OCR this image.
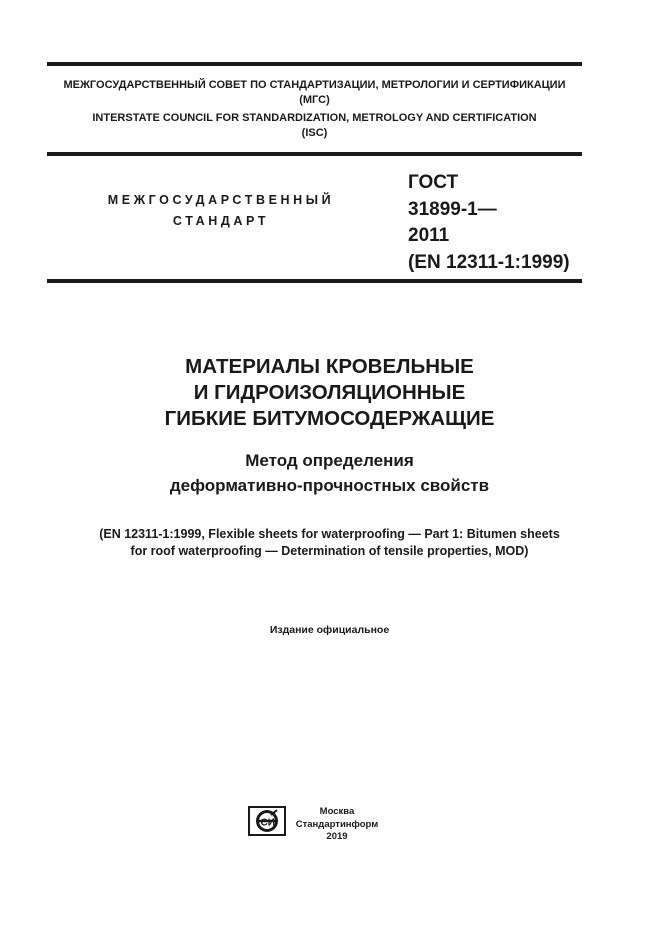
МЕЖГОСУДАРСТВЕННЫЙ СОВЕТ ПО СТАНДАРТИЗАЦИИ, МЕТРОЛОГИИ И СЕРТИФИКАЦИИ
(МГС)
INTERSTATE COUNCIL FOR STANDARDIZATION, METROLOGY AND CERTIFICATION
(ISC)
МЕЖГОСУДАРСТВЕННЫЙ
СТАНДАРТ
ГОСТ
31899-1—
2011
(EN 12311-1:1999)
МАТЕРИАЛЫ КРОВЕЛЬНЫЕ
И ГИДРОИЗОЛЯЦИОННЫЕ
ГИБКИЕ БИТУМОСОДЕРЖАЩИЕ
Метод определения
деформативно-прочностных свойств
(EN 12311-1:1999, Flexible sheets for waterproofing — Part 1: Bitumen sheets
for roof waterproofing — Determination of tensile properties, MOD)
Издание официальное
СИ
Москва
Стандартинформ
2019
